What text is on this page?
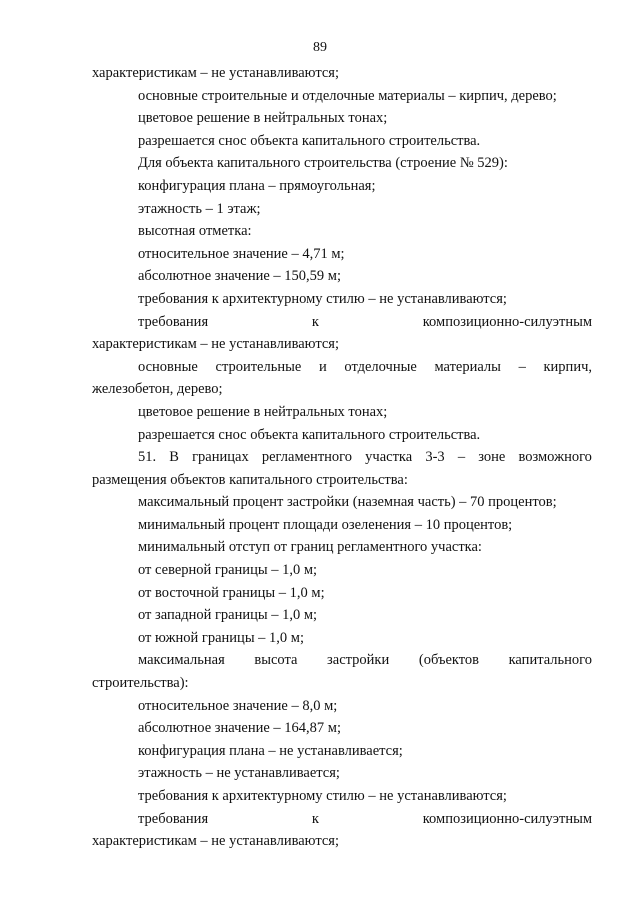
89
характеристикам – не устанавливаются;
основные строительные и отделочные материалы – кирпич, дерево;
цветовое решение в нейтральных тонах;
разрешается снос объекта капитального строительства.
Для объекта капитального строительства (строение № 529):
конфигурация плана – прямоугольная;
этажность – 1 этаж;
высотная отметка:
относительное значение – 4,71 м;
абсолютное значение – 150,59 м;
требования к архитектурному стилю – не устанавливаются;
требования	к	композиционно-силуэтным
характеристикам – не устанавливаются;
основные строительные и отделочные материалы – кирпич,
железобетон, дерево;
цветовое решение в нейтральных тонах;
разрешается снос объекта капитального строительства.
51. В границах регламентного участка 3-3 – зоне возможного
размещения объектов капитального строительства:
максимальный процент застройки (наземная часть) – 70 процентов;
минимальный процент площади озеленения – 10 процентов;
минимальный отступ от границ регламентного участка:
от северной границы – 1,0 м;
от восточной границы – 1,0 м;
от западной границы – 1,0 м;
от южной границы – 1,0 м;
максимальная высота застройки (объектов капитального
строительства):
относительное значение – 8,0 м;
абсолютное значение – 164,87 м;
конфигурация плана – не устанавливается;
этажность – не устанавливается;
требования к архитектурному стилю – не устанавливаются;
требования	к	композиционно-силуэтным
характеристикам – не устанавливаются;
